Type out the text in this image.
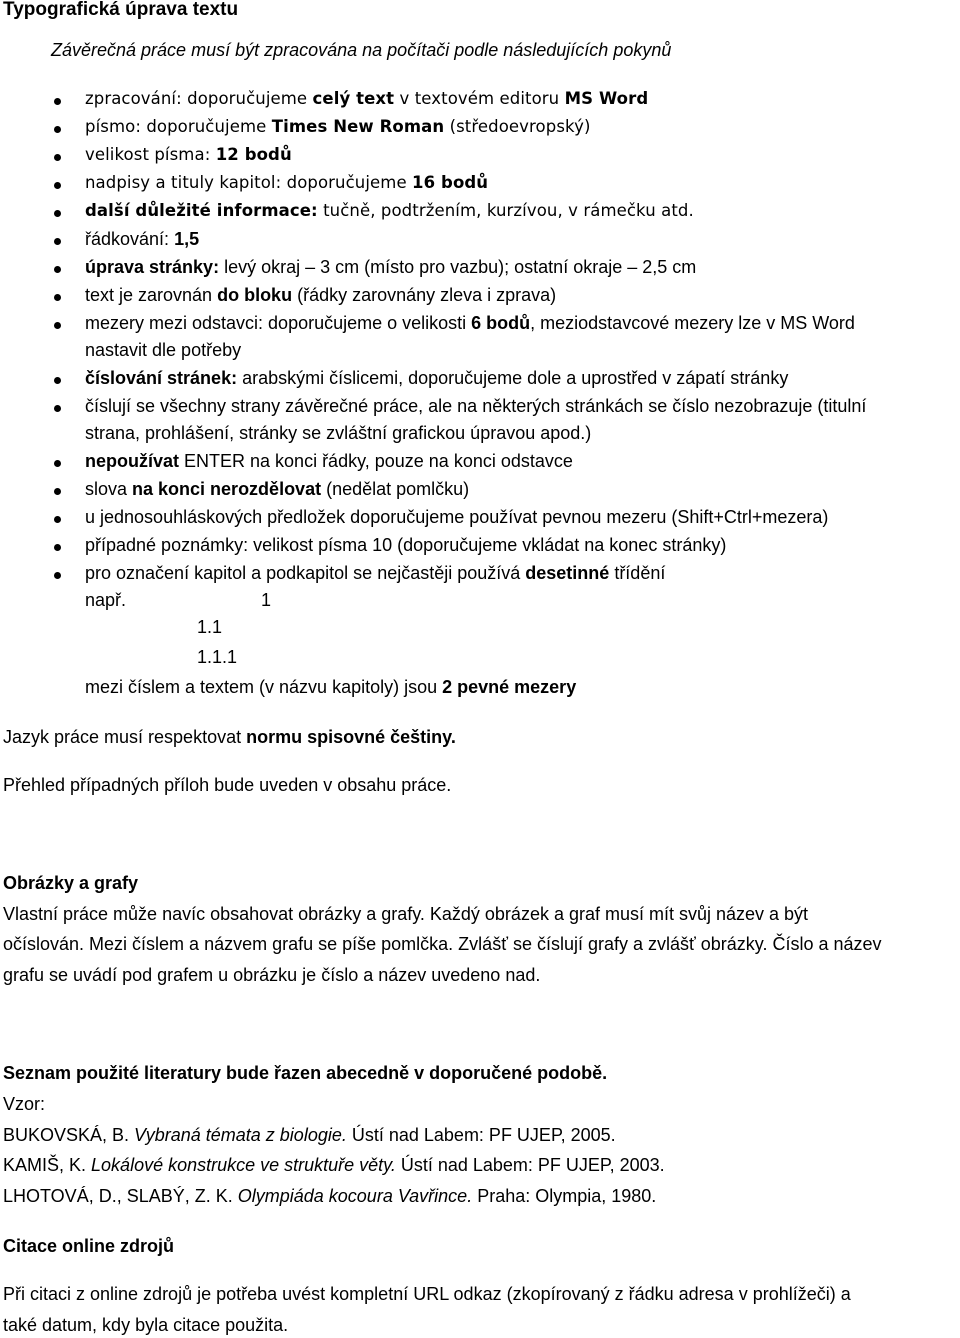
Typografická úprava textu
Závěrečná práce musí být zpracována na počítači podle následujících pokynů
zpracování: doporučujeme celý text v textovém editoru MS Word
písmo: doporučujeme Times New Roman (středoevropský)
velikost písma: 12 bodů
nadpisy a tituly kapitol: doporučujeme 16 bodů
další důležité informace: tučně, podtržením, kurzívou, v rámečku atd.
řádkování: 1,5
úprava stránky: levý okraj – 3 cm (místo pro vazbu); ostatní okraje – 2,5 cm
text je zarovnán do bloku (řádky zarovnány zleva i zprava)
mezery mezi odstavci: doporučujeme o velikosti 6 bodů, meziodstavcové mezery lze v MS Word
nastavit dle potřeby
číslování stránek: arabskými číslicemi, doporučujeme dole a uprostřed v zápatí stránky
číslují se všechny strany závěrečné práce, ale na některých stránkách se číslo nezobrazuje (titulní
strana, prohlášení, stránky se zvláštní grafickou úpravou apod.)
nepoužívat ENTER na konci řádky, pouze na konci odstavce
slova na konci nerozdělovat (nedělat pomlčku)
u jednosouhláskových předložek doporučujeme používat pevnou mezeru (Shift+Ctrl+mezera)
případné poznámky: velikost písma 10 (doporučujeme vkládat na konec stránky)
pro označení kapitol a podkapitol se nejčastěji používá desetinné třídění
např.	1
1.1
1.1.1
mezi číslem a textem (v názvu kapitoly) jsou 2 pevné mezery
Jazyk práce musí respektovat normu spisovné češtiny.
Přehled případných příloh bude uveden v obsahu práce.
Obrázky a grafy
Vlastní práce může navíc obsahovat obrázky a grafy. Každý obrázek a graf musí mít svůj název a být
očíslován. Mezi číslem a názvem grafu se píše pomlčka. Zvlášť se číslují grafy a zvlášť obrázky. Číslo a název
grafu se uvádí pod grafem u obrázku je číslo a název uvedeno nad.
Seznam použité literatury bude řazen abecedně v doporučené podobě.
Vzor:
BUKOVSKÁ, B. Vybraná témata z biologie. Ústí nad Labem: PF UJEP, 2005.
KAMIŠ, K. Lokálové konstrukce ve struktuře věty. Ústí nad Labem: PF UJEP, 2003.
LHOTOVÁ, D., SLABÝ, Z. K. Olympiáda kocoura Vavřince. Praha: Olympia, 1980.
Citace online zdrojů
Při citaci z online zdrojů je potřeba uvést kompletní URL odkaz (zkopírovaný z řádku adresa v prohlížeči) a
také datum, kdy byla citace použita.
